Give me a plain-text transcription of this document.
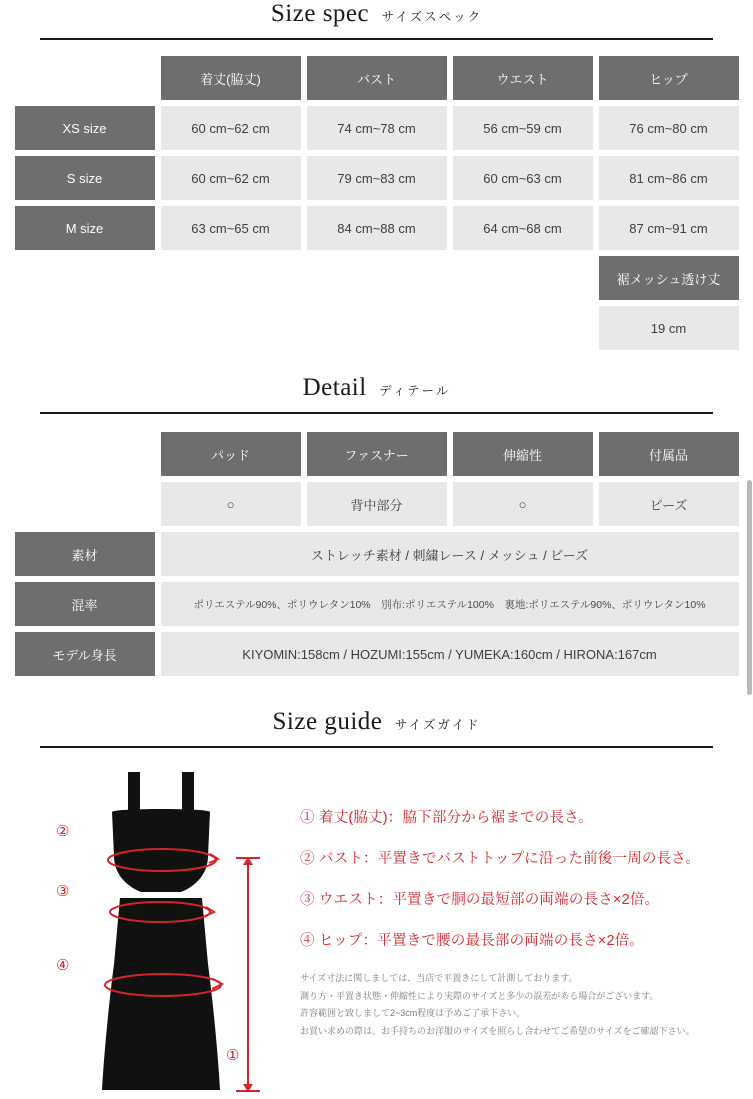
Size spec サイズスペック
	着丈(脇丈)	バスト	ウエスト	ヒップ
XS size	60 cm~62 cm	74 cm~78 cm	56 cm~59 cm	76 cm~80 cm
S size	60 cm~62 cm	79 cm~83 cm	60 cm~63 cm	81 cm~86 cm
M size	63 cm~65 cm	84 cm~88 cm	64 cm~68 cm	87 cm~91 cm
				裾メッシュ透け丈
				19 cm
Detail ディテール
	パッド	ファスナー	伸縮性	付属品
	○	背中部分	○	ビーズ
素材	ストレッチ素材 / 刺繍レース / メッシュ / ビーズ			
混率	ポリエステル90%、ポリウレタン10%　別布:ポリエステル100%　裏地:ポリエステル90%、ポリウレタン10%			
モデル身長	KIYOMIN:158cm / HOZUMI:155cm / YUMEKA:160cm / HIRONA:167cm			
Size guide サイズガイド
②
③
④
①
① 着丈(脇丈)：脇下部分から裾までの長さ。
② バスト：平置きでバストトップに沿った前後一周の長さ。
③ ウエスト：平置きで胴の最短部の両端の長さ×2倍。
④ ヒップ：平置きで腰の最長部の両端の長さ×2倍。
サイズ寸法に関しましては、当店で平置きにして計測しております。
測り方・平置き状態・伸縮性により実際のサイズと多少の誤差がある場合がございます。
許容範囲と致しまして2~3cm程度は予めご了承下さい。
お買い求めの際は、お手持ちのお洋服のサイズを照らし合わせてご希望のサイズをご確認下さい。
